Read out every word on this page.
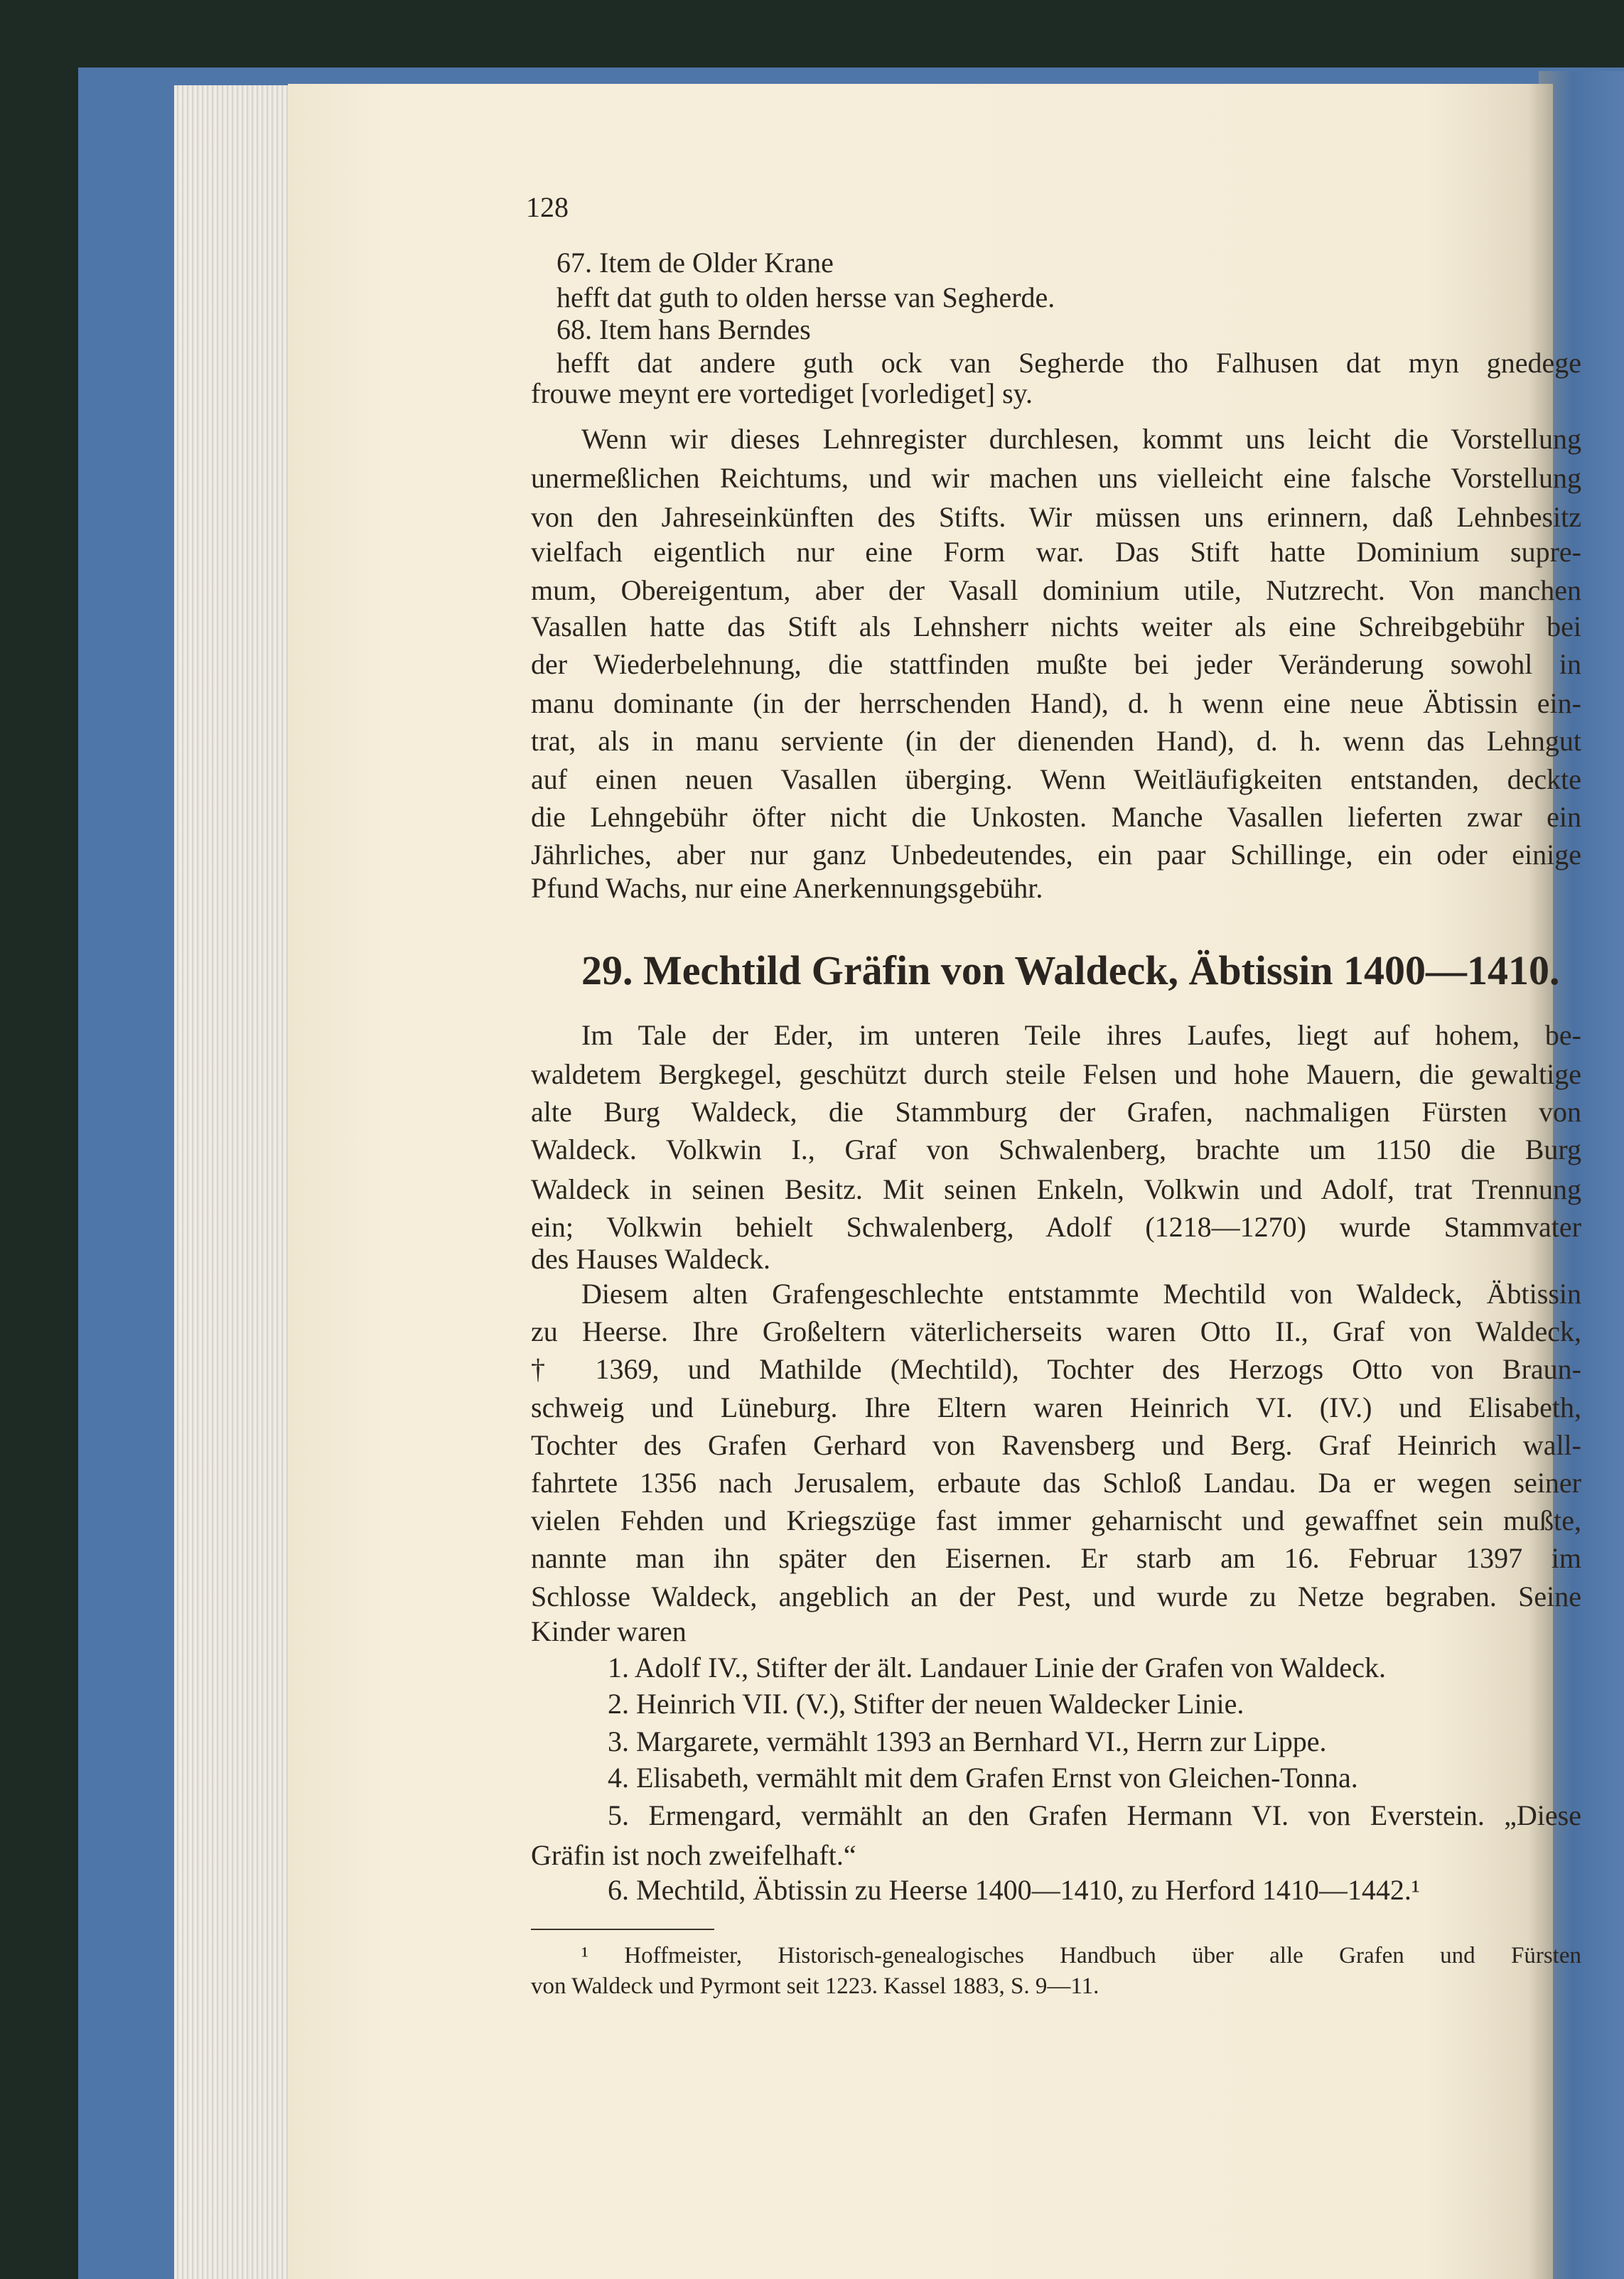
128
29. Mechtild Gräfin von Waldeck, Äbtissin 1400—1410.
67. Item de Older Krane
hefft dat guth to olden hersse van Segherde.
68. Item hans Berndes
hefft dat andere guth ock van Segherde tho Falhusen dat myn gnedege
frouwe meynt ere vortediget [vorlediget] sy.
Wenn wir dieses Lehnregister durchlesen, kommt uns leicht die Vorstellung
unermeßlichen Reichtums, und wir machen uns vielleicht eine falsche Vorstellung
von den Jahreseinkünften des Stifts. Wir müssen uns erinnern, daß Lehnbesitz
vielfach eigentlich nur eine Form war. Das Stift hatte Dominium supre-
mum, Obereigentum, aber der Vasall dominium utile, Nutzrecht. Von manchen
Vasallen hatte das Stift als Lehnsherr nichts weiter als eine Schreibgebühr bei
der Wiederbelehnung, die stattfinden mußte bei jeder Veränderung sowohl in
manu dominante (in der herrschenden Hand), d. h wenn eine neue Äbtissin ein-
trat, als in manu serviente (in der dienenden Hand), d. h. wenn das Lehngut
auf einen neuen Vasallen überging. Wenn Weitläufigkeiten entstanden, deckte
die Lehngebühr öfter nicht die Unkosten. Manche Vasallen lieferten zwar ein
Jährliches, aber nur ganz Unbedeutendes, ein paar Schillinge, ein oder einige
Pfund Wachs, nur eine Anerkennungsgebühr.
Im Tale der Eder, im unteren Teile ihres Laufes, liegt auf hohem, be-
waldetem Bergkegel, geschützt durch steile Felsen und hohe Mauern, die gewaltige
alte Burg Waldeck, die Stammburg der Grafen, nachmaligen Fürsten von
Waldeck. Volkwin I., Graf von Schwalenberg, brachte um 1150 die Burg
Waldeck in seinen Besitz. Mit seinen Enkeln, Volkwin und Adolf, trat Trennung
ein; Volkwin behielt Schwalenberg, Adolf (1218—1270) wurde Stammvater
des Hauses Waldeck.
Diesem alten Grafengeschlechte entstammte Mechtild von Waldeck, Äbtissin
zu Heerse. Ihre Großeltern väterlicherseits waren Otto II., Graf von Waldeck,
† 1369, und Mathilde (Mechtild), Tochter des Herzogs Otto von Braun-
schweig und Lüneburg. Ihre Eltern waren Heinrich VI. (IV.) und Elisabeth,
Tochter des Grafen Gerhard von Ravensberg und Berg. Graf Heinrich wall-
fahrtete 1356 nach Jerusalem, erbaute das Schloß Landau. Da er wegen seiner
vielen Fehden und Kriegszüge fast immer geharnischt und gewaffnet sein mußte,
nannte man ihn später den Eisernen. Er starb am 16. Februar 1397 im
Schlosse Waldeck, angeblich an der Pest, und wurde zu Netze begraben. Seine
Kinder waren
1. Adolf IV., Stifter der ält. Landauer Linie der Grafen von Waldeck.
2. Heinrich VII. (V.), Stifter der neuen Waldecker Linie.
3. Margarete, vermählt 1393 an Bernhard VI., Herrn zur Lippe.
4. Elisabeth, vermählt mit dem Grafen Ernst von Gleichen-Tonna.
5. Ermengard, vermählt an den Grafen Hermann VI. von Everstein. „Diese
Gräfin ist noch zweifelhaft.“
6. Mechtild, Äbtissin zu Heerse 1400—1410, zu Herford 1410—1442.¹
¹ Hoffmeister, Historisch-genealogisches Handbuch über alle Grafen und Fürsten
von Waldeck und Pyrmont seit 1223. Kassel 1883, S. 9—11.
